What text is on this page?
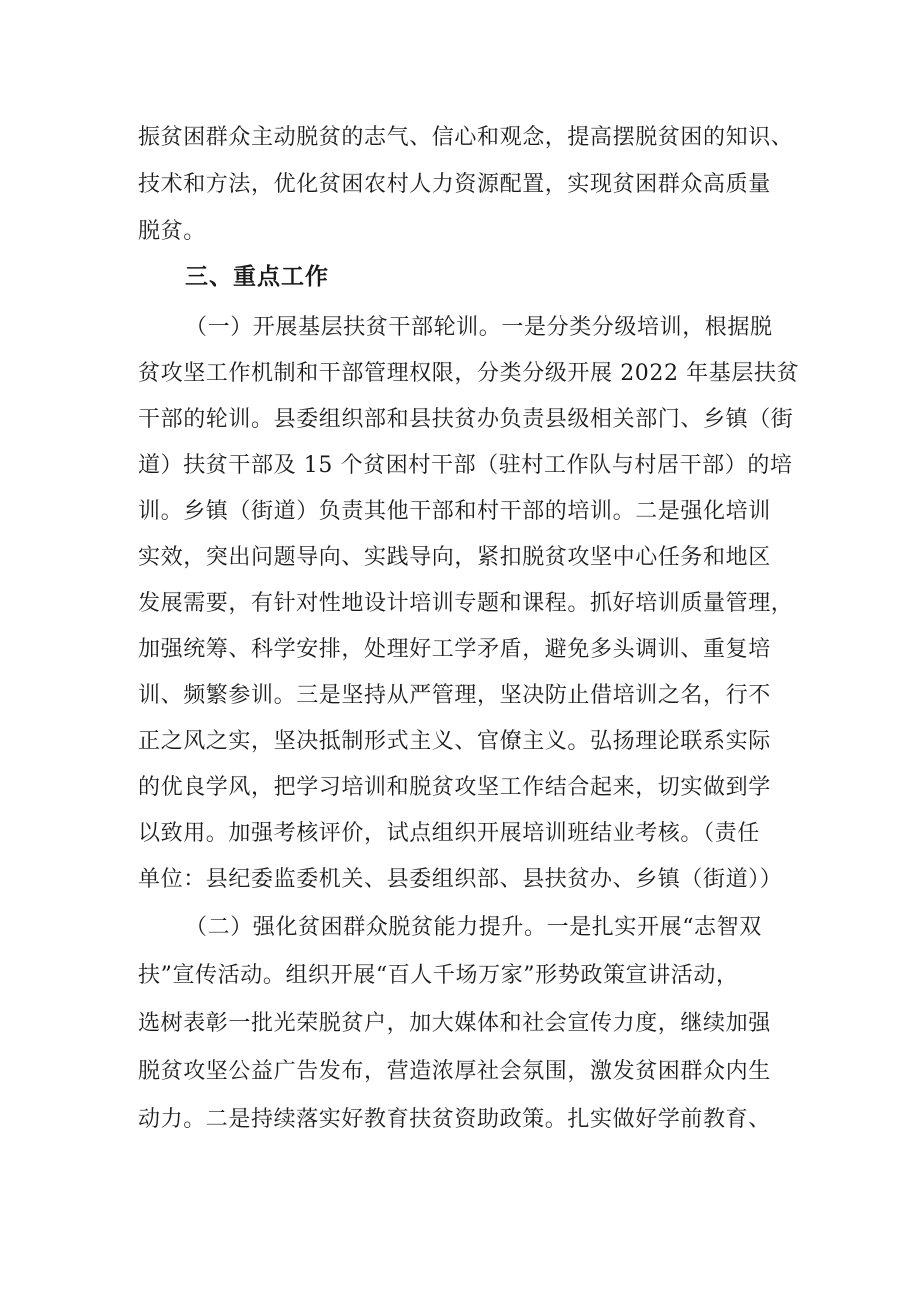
振贫困群众主动脱贫的志气、信心和观念，提高摆脱贫困的知识、
技术和方法，优化贫困农村人力资源配置，实现贫困群众高质量
脱贫。
三、重点工作
（一）开展基层扶贫干部轮训。一是分类分级培训，根据脱
贫攻坚工作机制和干部管理权限，分类分级开展 2022 年基层扶贫
干部的轮训。县委组织部和县扶贫办负责县级相关部门、乡镇（街
道）扶贫干部及 15 个贫困村干部（驻村工作队与村居干部）的培
训。乡镇（街道）负责其他干部和村干部的培训。二是强化培训
实效，突出问题导向、实践导向，紧扣脱贫攻坚中心任务和地区
发展需要，有针对性地设计培训专题和课程。抓好培训质量管理，
加强统筹、科学安排，处理好工学矛盾，避免多头调训、重复培
训、频繁参训。三是坚持从严管理，坚决防止借培训之名，行不
正之风之实，坚决抵制形式主义、官僚主义。弘扬理论联系实际
的优良学风，把学习培训和脱贫攻坚工作结合起来，切实做到学
以致用。加强考核评价，试点组织开展培训班结业考核。（责任
单位：县纪委监委机关、县委组织部、县扶贫办、乡镇（街道））
（二）强化贫困群众脱贫能力提升。一是扎实开展“志智双
扶”宣传活动。组织开展“百人千场万家”形势政策宣讲活动，
选树表彰一批光荣脱贫户，加大媒体和社会宣传力度，继续加强
脱贫攻坚公益广告发布，营造浓厚社会氛围，激发贫困群众内生
动力。二是持续落实好教育扶贫资助政策。扎实做好学前教育、
